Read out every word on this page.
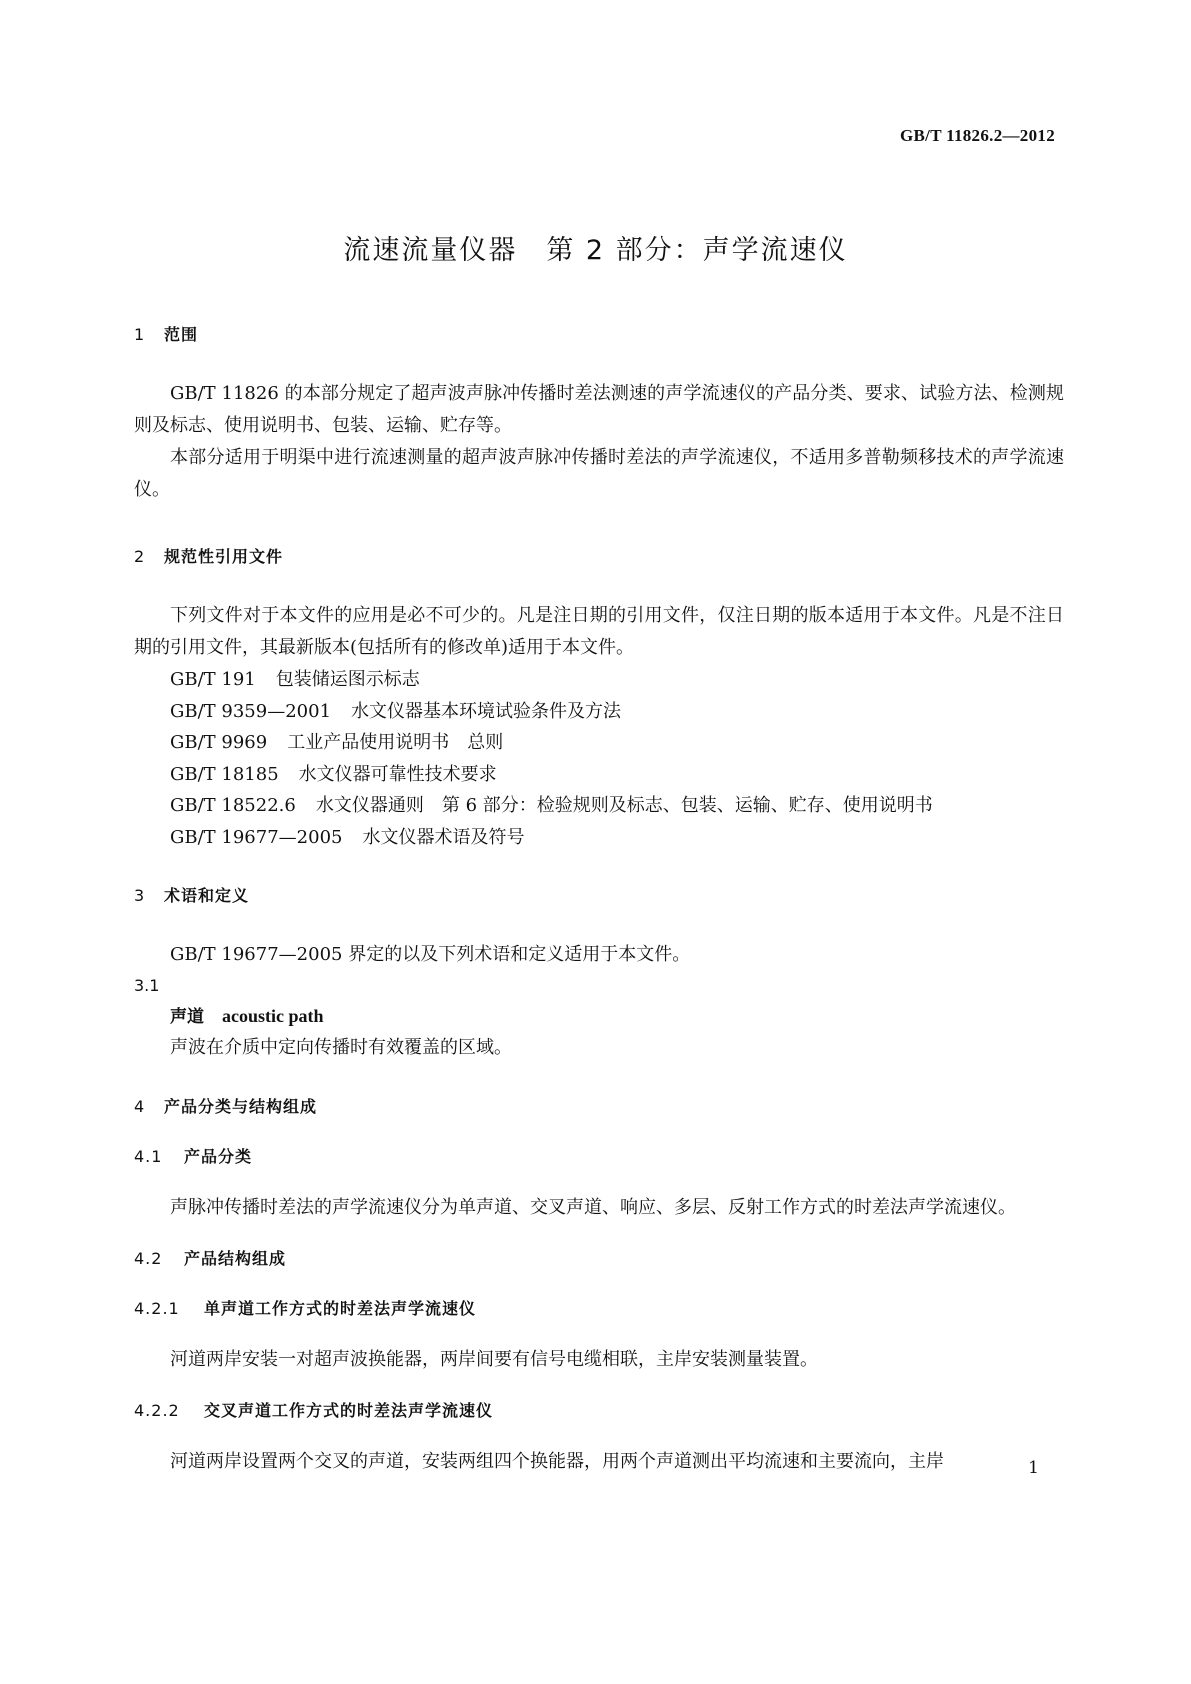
GB/T 11826.2—2012
流速流量仪器　第 2 部分：声学流速仪
1 范围

GB/T 11826 的本部分规定了超声波声脉冲传播时差法测速的声学流速仪的产品分类、要求、试验方法、检测规则及标志、使用说明书、包装、运输、贮存等。

本部分适用于明渠中进行流速测量的超声波声脉冲传播时差法的声学流速仪，不适用多普勒频移技术的声学流速仪。

2 规范性引用文件

下列文件对于本文件的应用是必不可少的。凡是注日期的引用文件，仅注日期的版本适用于本文件。凡是不注日期的引用文件，其最新版本(包括所有的修改单)适用于本文件。

GB/T 191 包装储运图示标志
GB/T 9359—2001 水文仪器基本环境试验条件及方法
GB/T 9969 工业产品使用说明书　总则
GB/T 18185 水文仪器可靠性技术要求
GB/T 18522.6 水文仪器通则　第 6 部分：检验规则及标志、包装、运输、贮存、使用说明书
GB/T 19677—2005 水文仪器术语及符号
3 术语和定义

GB/T 19677—2005 界定的以及下列术语和定义适用于本文件。

3.1
声道 acoustic path
声波在介质中定向传播时有效覆盖的区域。
4 产品分类与结构组成
4.1 产品分类

声脉冲传播时差法的声学流速仪分为单声道、交叉声道、响应、多层、反射工作方式的时差法声学流速仪。

4.2 产品结构组成
4.2.1 单声道工作方式的时差法声学流速仪

河道两岸安装一对超声波换能器，两岸间要有信号电缆相联，主岸安装测量装置。

4.2.2 交叉声道工作方式的时差法声学流速仪

河道两岸设置两个交叉的声道，安装两组四个换能器，用两个声道测出平均流速和主要流向，主岸	1
